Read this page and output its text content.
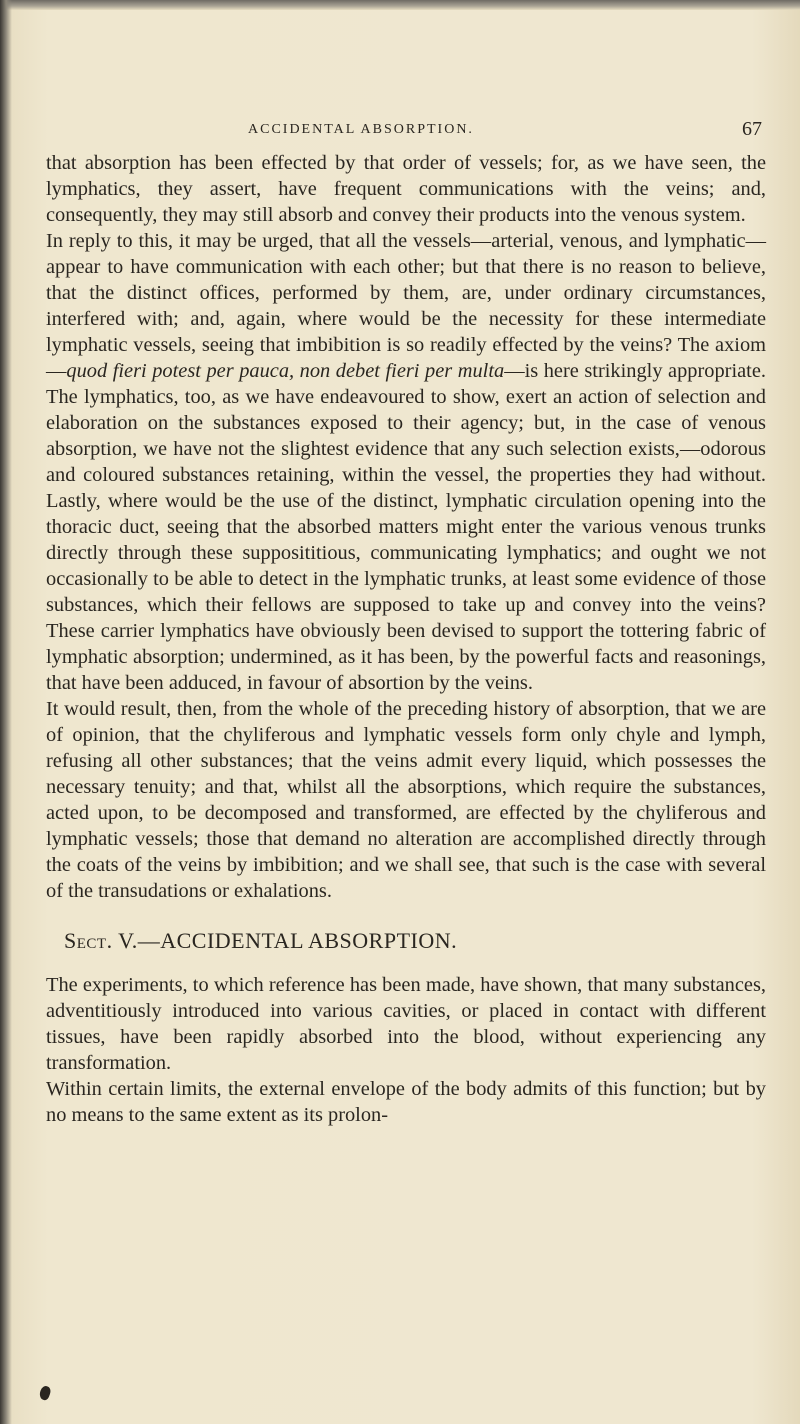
ACCIDENTAL ABSORPTION.	67

that absorption has been effected by that order of vessels; for, as we have seen, the lymphatics, they assert, have frequent communications with the veins; and, consequently, they may still absorb and convey their products into the venous system.

In reply to this, it may be urged, that all the vessels—arterial, venous, and lymphatic—appear to have communication with each other; but that there is no reason to believe, that the distinct offices, performed by them, are, under ordinary circumstances, interfered with; and, again, where would be the necessity for these intermediate lymphatic vessels, seeing that imbibition is so readily effected by the veins? The axiom—quod fieri potest per pauca, non debet fieri per multa—is here strikingly appropriate. The lymphatics, too, as we have endeavoured to show, exert an action of selection and elaboration on the substances exposed to their agency; but, in the case of venous absorption, we have not the slightest evidence that any such selection exists,—odorous and coloured substances retaining, within the vessel, the properties they had without. Lastly, where would be the use of the distinct, lymphatic circulation opening into the thoracic duct, seeing that the absorbed matters might enter the various venous trunks directly through these supposititious, communicating lymphatics; and ought we not occasionally to be able to detect in the lymphatic trunks, at least some evidence of those substances, which their fellows are supposed to take up and convey into the veins? These carrier lymphatics have obviously been devised to support the tottering fabric of lymphatic absorption; undermined, as it has been, by the powerful facts and reasonings, that have been adduced, in favour of absortion by the veins.

It would result, then, from the whole of the preceding history of absorption, that we are of opinion, that the chyliferous and lymphatic vessels form only chyle and lymph, refusing all other substances; that the veins admit every liquid, which possesses the necessary tenuity; and that, whilst all the absorptions, which require the substances, acted upon, to be decomposed and transformed, are effected by the chyliferous and lymphatic vessels; those that demand no alteration are accomplished directly through the coats of the veins by imbibition; and we shall see, that such is the case with several of the transudations or exhalations.

Sect. V.—ACCIDENTAL ABSORPTION.

The experiments, to which reference has been made, have shown, that many substances, adventitiously introduced into various cavities, or placed in contact with different tissues, have been rapidly absorbed into the blood, without experiencing any transformation.

Within certain limits, the external envelope of the body admits of this function; but by no means to the same extent as its prolon-
